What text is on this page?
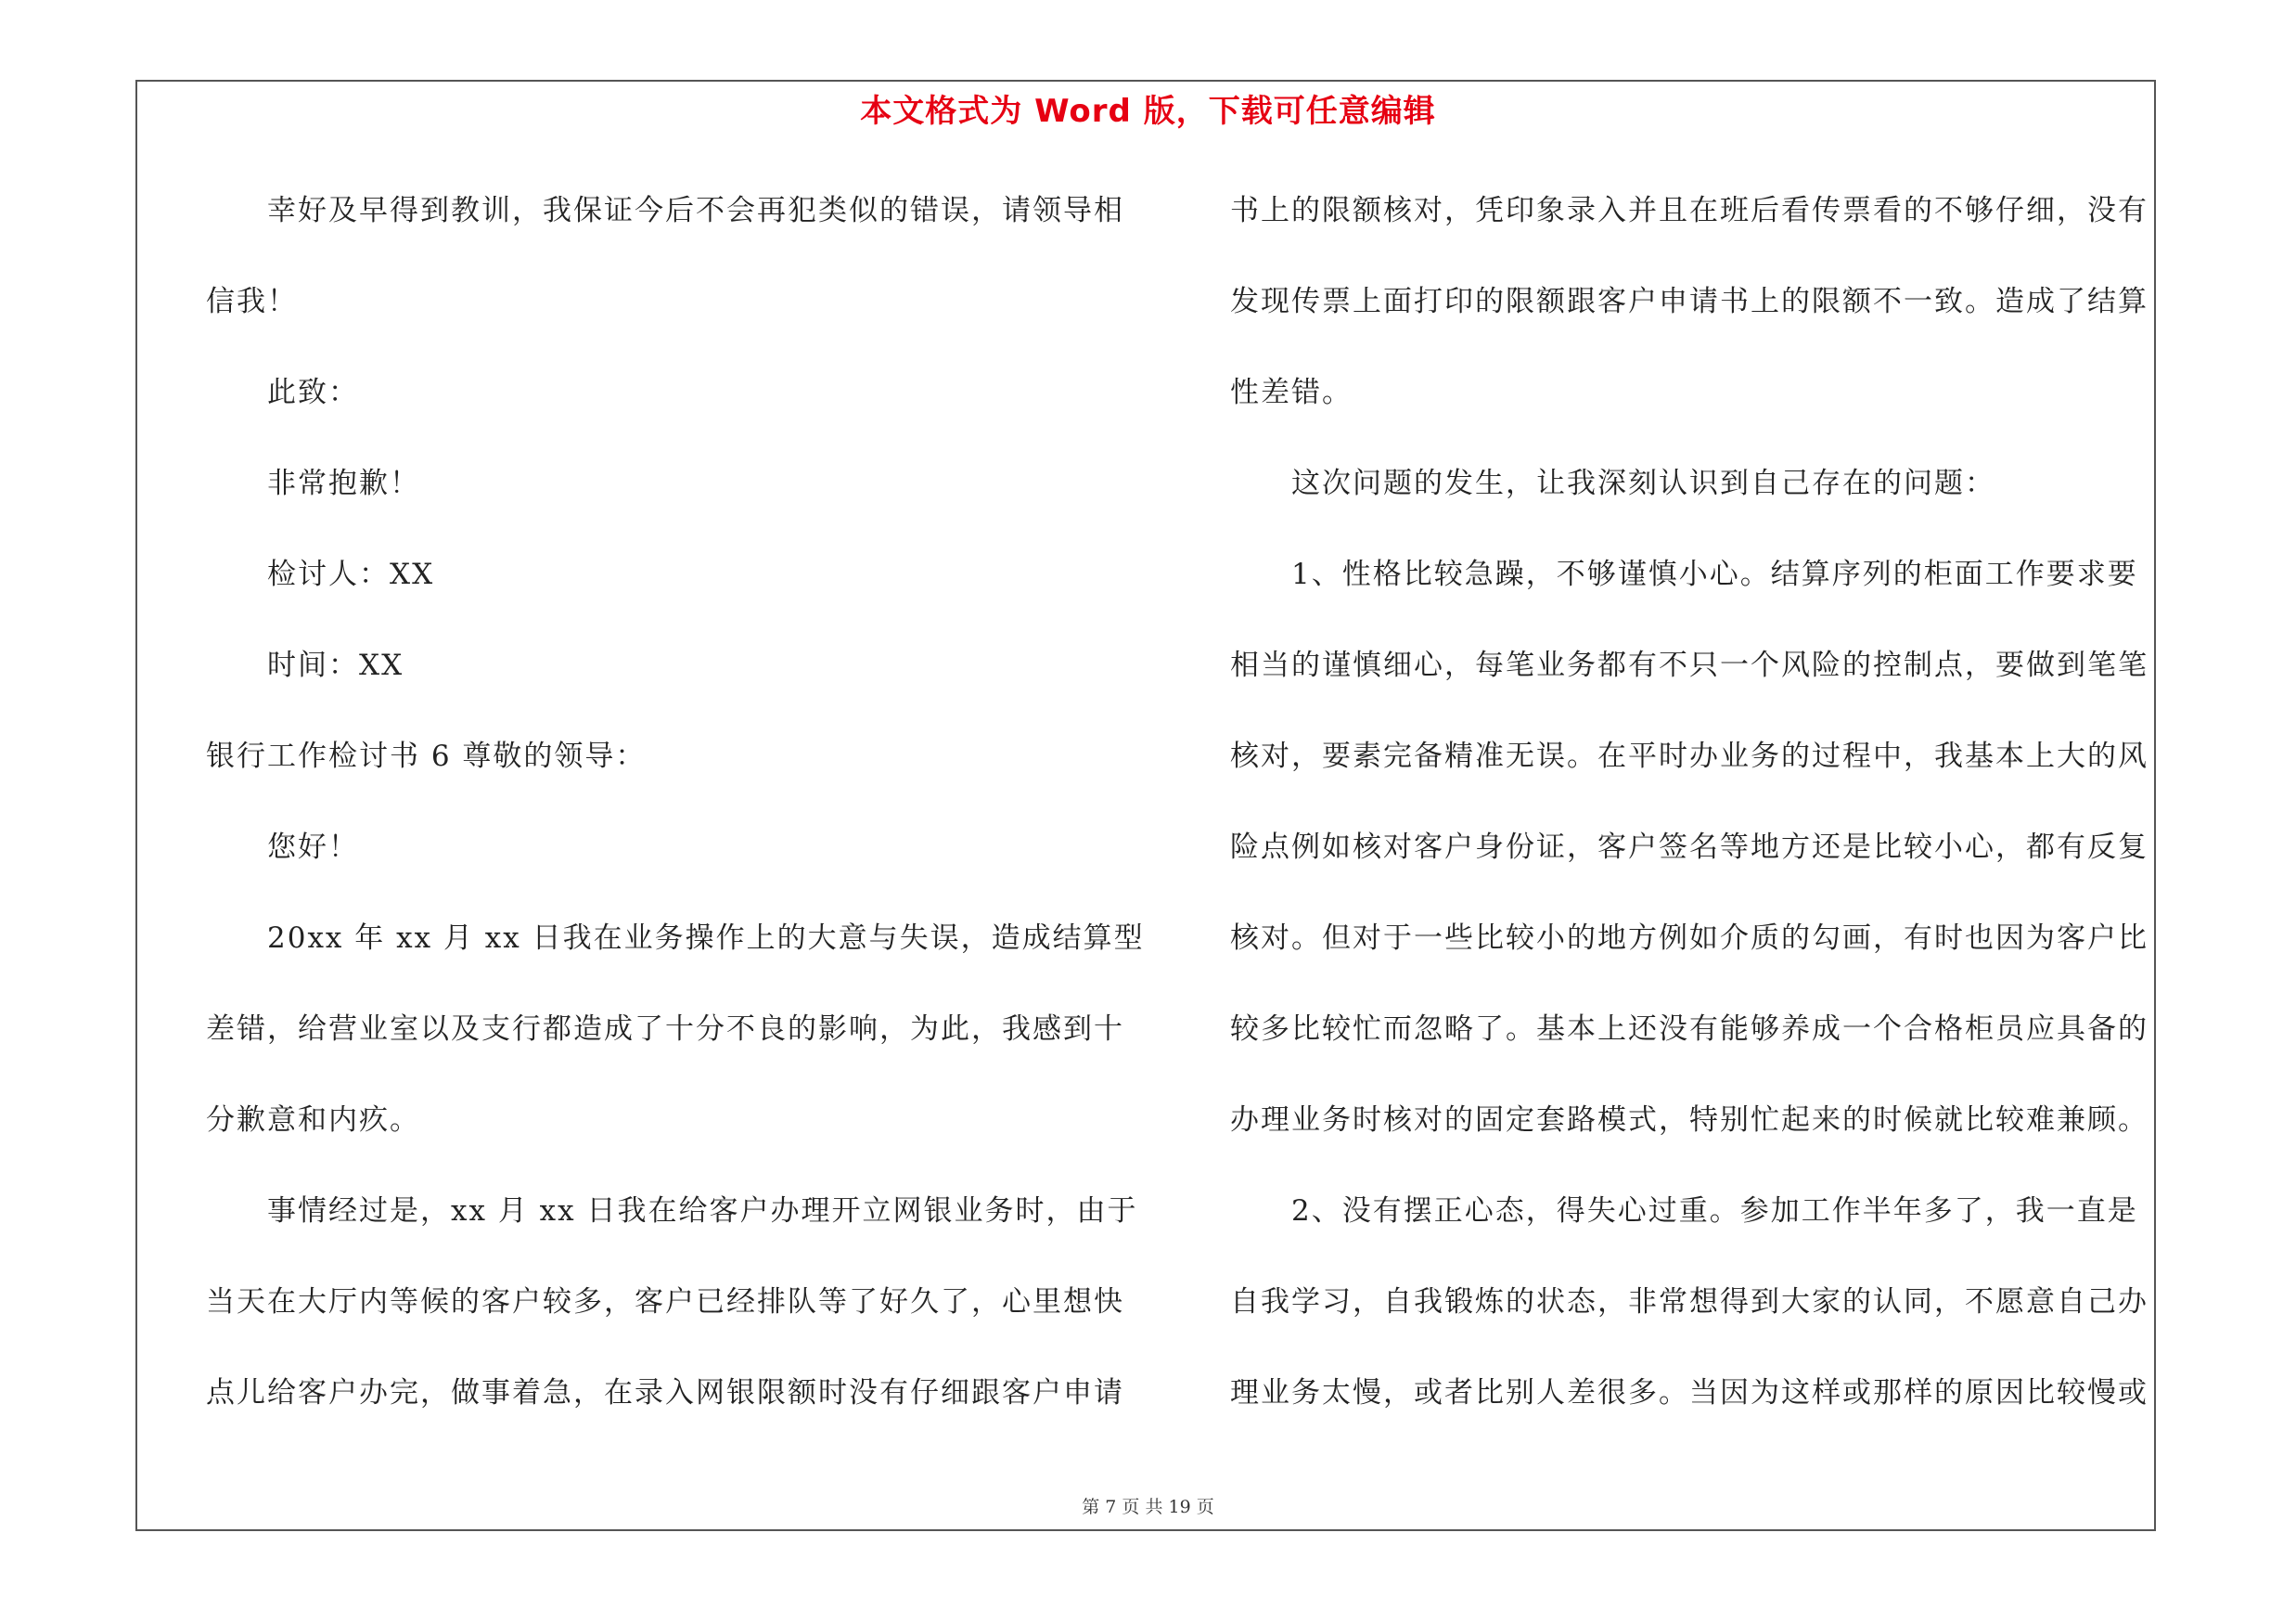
本文格式为 Word 版，下载可任意编辑
幸好及早得到教训，我保证今后不会再犯类似的错误，请领导相
信我！
此致：
非常抱歉！
检讨人：XX
时间：XX
银行工作检讨书 6 尊敬的领导：
您好！
20xx 年 xx 月 xx 日我在业务操作上的大意与失误，造成结算型
差错，给营业室以及支行都造成了十分不良的影响，为此，我感到十
分歉意和内疚。
事情经过是，xx 月 xx 日我在给客户办理开立网银业务时，由于
当天在大厅内等候的客户较多，客户已经排队等了好久了，心里想快
点儿给客户办完，做事着急，在录入网银限额时没有仔细跟客户申请
书上的限额核对，凭印象录入并且在班后看传票看的不够仔细，没有
发现传票上面打印的限额跟客户申请书上的限额不一致。造成了结算
性差错。
这次问题的发生，让我深刻认识到自己存在的问题：
1、性格比较急躁，不够谨慎小心。结算序列的柜面工作要求要
相当的谨慎细心，每笔业务都有不只一个风险的控制点，要做到笔笔
核对，要素完备精准无误。在平时办业务的过程中，我基本上大的风
险点例如核对客户身份证，客户签名等地方还是比较小心，都有反复
核对。但对于一些比较小的地方例如介质的勾画，有时也因为客户比
较多比较忙而忽略了。基本上还没有能够养成一个合格柜员应具备的
办理业务时核对的固定套路模式，特别忙起来的时候就比较难兼顾。
2、没有摆正心态，得失心过重。参加工作半年多了，我一直是
自我学习，自我锻炼的状态，非常想得到大家的认同，不愿意自己办
理业务太慢，或者比别人差很多。当因为这样或那样的原因比较慢或
第 7 页 共 19 页
